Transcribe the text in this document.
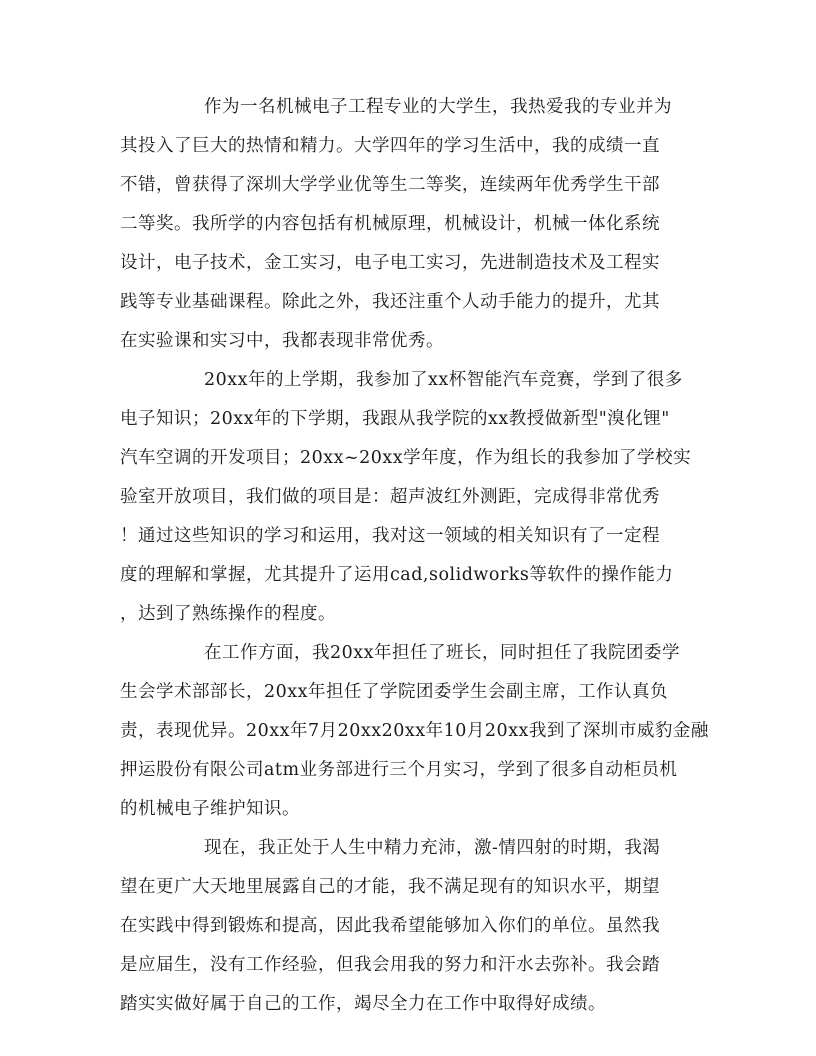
作为一名机械电子工程专业的大学生，我热爱我的专业并为
其投入了巨大的热情和精力。大学四年的学习生活中，我的成绩一直
不错，曾获得了深圳大学学业优等生二等奖，连续两年优秀学生干部
二等奖。我所学的内容包括有机械原理，机械设计，机械一体化系统
设计，电子技术，金工实习，电子电工实习，先进制造技术及工程实
践等专业基础课程。除此之外，我还注重个人动手能力的提升，尤其
在实验课和实习中，我都表现非常优秀。
20xx年的上学期，我参加了xx杯智能汽车竞赛，学到了很多
电子知识；20xx年的下学期，我跟从我学院的xx教授做新型"溴化锂"
汽车空调的开发项目；20xx~20xx学年度，作为组长的我参加了学校实
验室开放项目，我们做的项目是：超声波红外测距，完成得非常优秀
！通过这些知识的学习和运用，我对这一领域的相关知识有了一定程
度的理解和掌握，尤其提升了运用cad,solidworks等软件的操作能力
，达到了熟练操作的程度。
在工作方面，我20xx年担任了班长，同时担任了我院团委学
生会学术部部长，20xx年担任了学院团委学生会副主席，工作认真负
责，表现优异。20xx年7月20xx20xx年10月20xx我到了深圳市威豹金融
押运股份有限公司atm业务部进行三个月实习，学到了很多自动柜员机
的机械电子维护知识。
现在，我正处于人生中精力充沛，激-情四射的时期，我渴
望在更广大天地里展露自己的才能，我不满足现有的知识水平，期望
在实践中得到锻炼和提高，因此我希望能够加入你们的单位。虽然我
是应届生，没有工作经验，但我会用我的努力和汗水去弥补。我会踏
踏实实做好属于自己的工作，竭尽全力在工作中取得好成绩。
